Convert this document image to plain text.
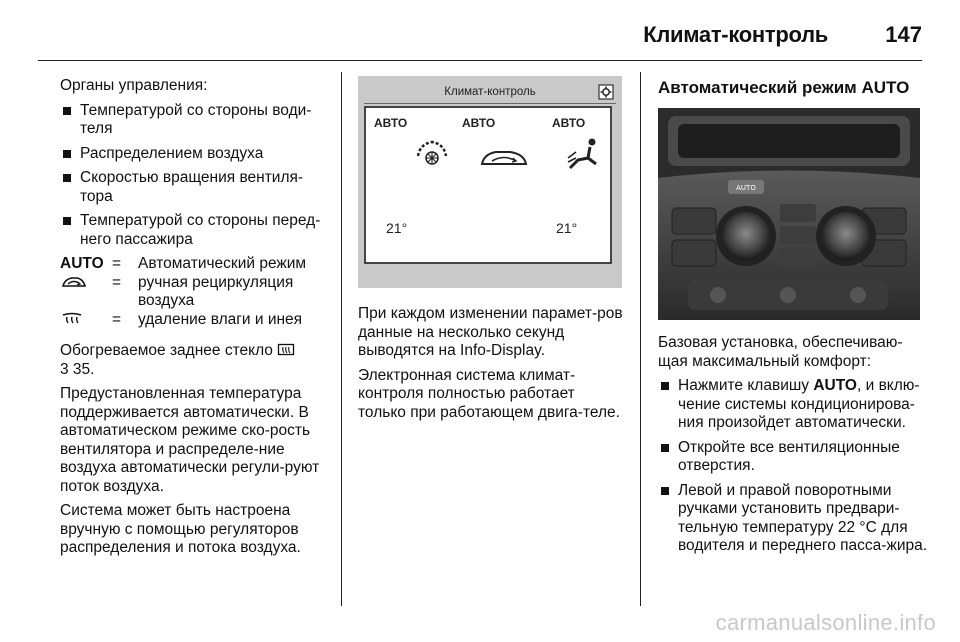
Климат-контроль	147

Органы управления:

Температурой со стороны води-теля
Распределением воздуха
Скоростью вращения вентиля-тора
Температурой со стороны перед-него пассажира
AUTO	=	Автоматический режим
	=	ручная рециркуляция воздуха
	=	удаление влаги и инея

Обогреваемое заднее стекло
3 35.

Предустановленная температура поддерживается автоматически. В автоматическом режиме ско-рость вентилятора и распределе-ние воздуха автоматически регули-руют поток воздуха.

Система может быть настроена вручную с помощью регуляторов распределения и потока воздуха.

Климат-контроль
АВТО	АВТО	АВТО
21°	21°

При каждом изменении парамет-ров данные на несколько секунд выводятся на Info-Display.

Электронная система климат-контроля полностью работает только при работающем двига-теле.

Автоматический режим AUTO
AUTO

Базовая установка, обеспечиваю-щая максимальный комфорт:

Нажмите клавишу AUTO, и вклю-чение системы кондиционирова-ния произойдет автоматически.
Откройте все вентиляционные отверстия.
Левой и правой поворотными ручками установить предвари-тельную температуру 22 °C для водителя и переднего пасса-жира.
carmanualsonline.info
